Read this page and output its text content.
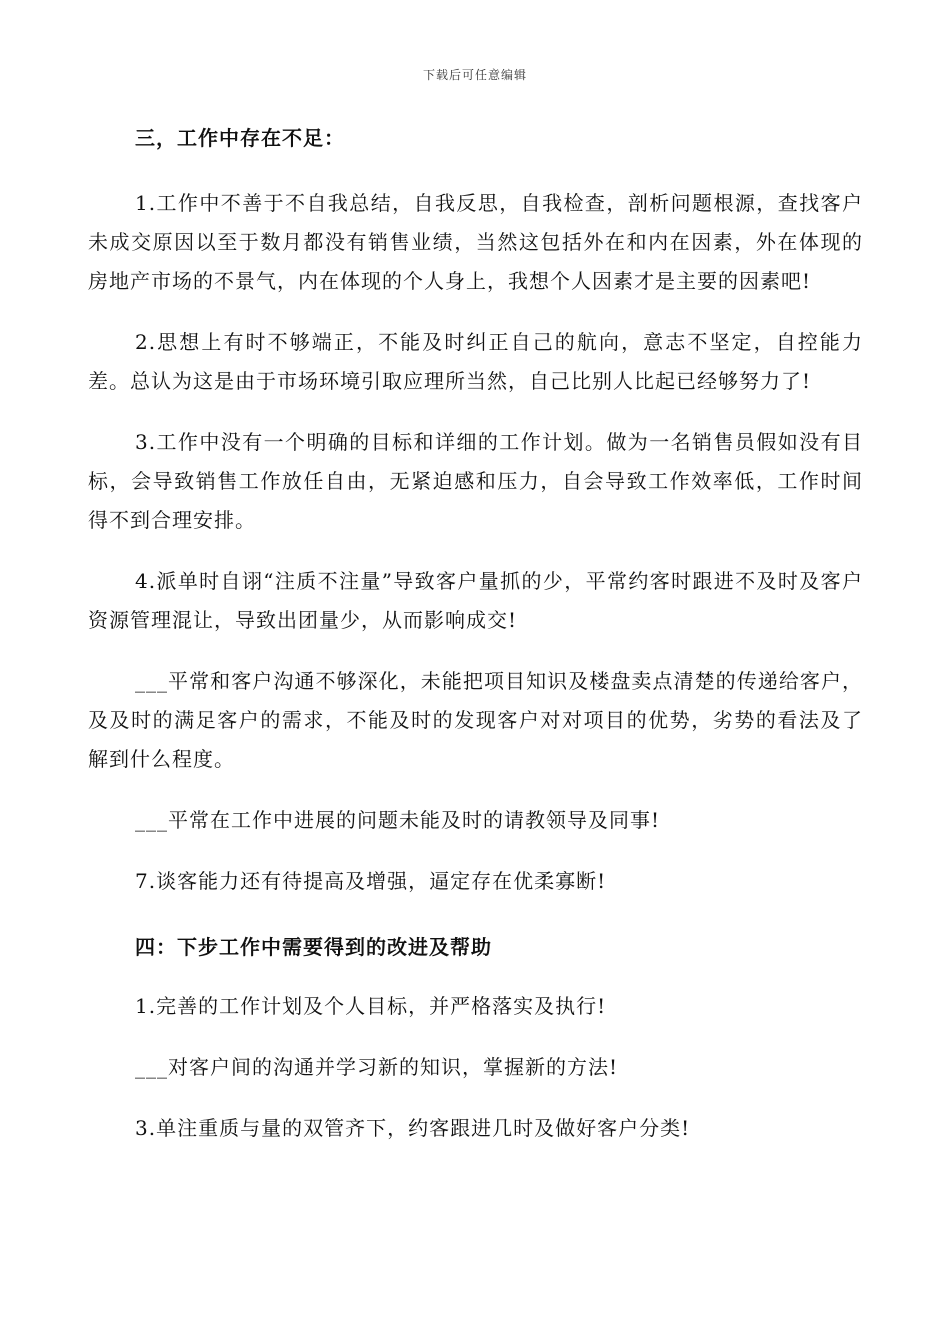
下载后可任意编辑

三，工作中存在不足：

1.工作中不善于不自我总结，自我反思，自我检查，剖析问题根源，查找客户未成交原因以至于数月都没有销售业绩，当然这包括外在和内在因素，外在体现的房地产市场的不景气，内在体现的个人身上，我想个人因素才是主要的因素吧!

2.思想上有时不够端正，不能及时纠正自己的航向，意志不坚定，自控能力差。总认为这是由于市场环境引取应理所当然，自己比别人比起已经够努力了!

3.工作中没有一个明确的目标和详细的工作计划。做为一名销售员假如没有目标，会导致销售工作放任自由，无紧迫感和压力，自会导致工作效率低，工作时间得不到合理安排。

4.派单时自诩“注质不注量”导致客户量抓的少，平常约客时跟进不及时及客户资源管理混让，导致出团量少，从而影响成交!

___平常和客户沟通不够深化，未能把项目知识及楼盘卖点清楚的传递给客户，及及时的满足客户的需求，不能及时的发现客户对对项目的优势，劣势的看法及了解到什么程度。

___平常在工作中进展的问题未能及时的请教领导及同事!

7.谈客能力还有待提高及增强，逼定存在优柔寡断!

四：下步工作中需要得到的改进及帮助

1.完善的工作计划及个人目标，并严格落实及执行!

___对客户间的沟通并学习新的知识，掌握新的方法!

3.单注重质与量的双管齐下，约客跟进几时及做好客户分类!
